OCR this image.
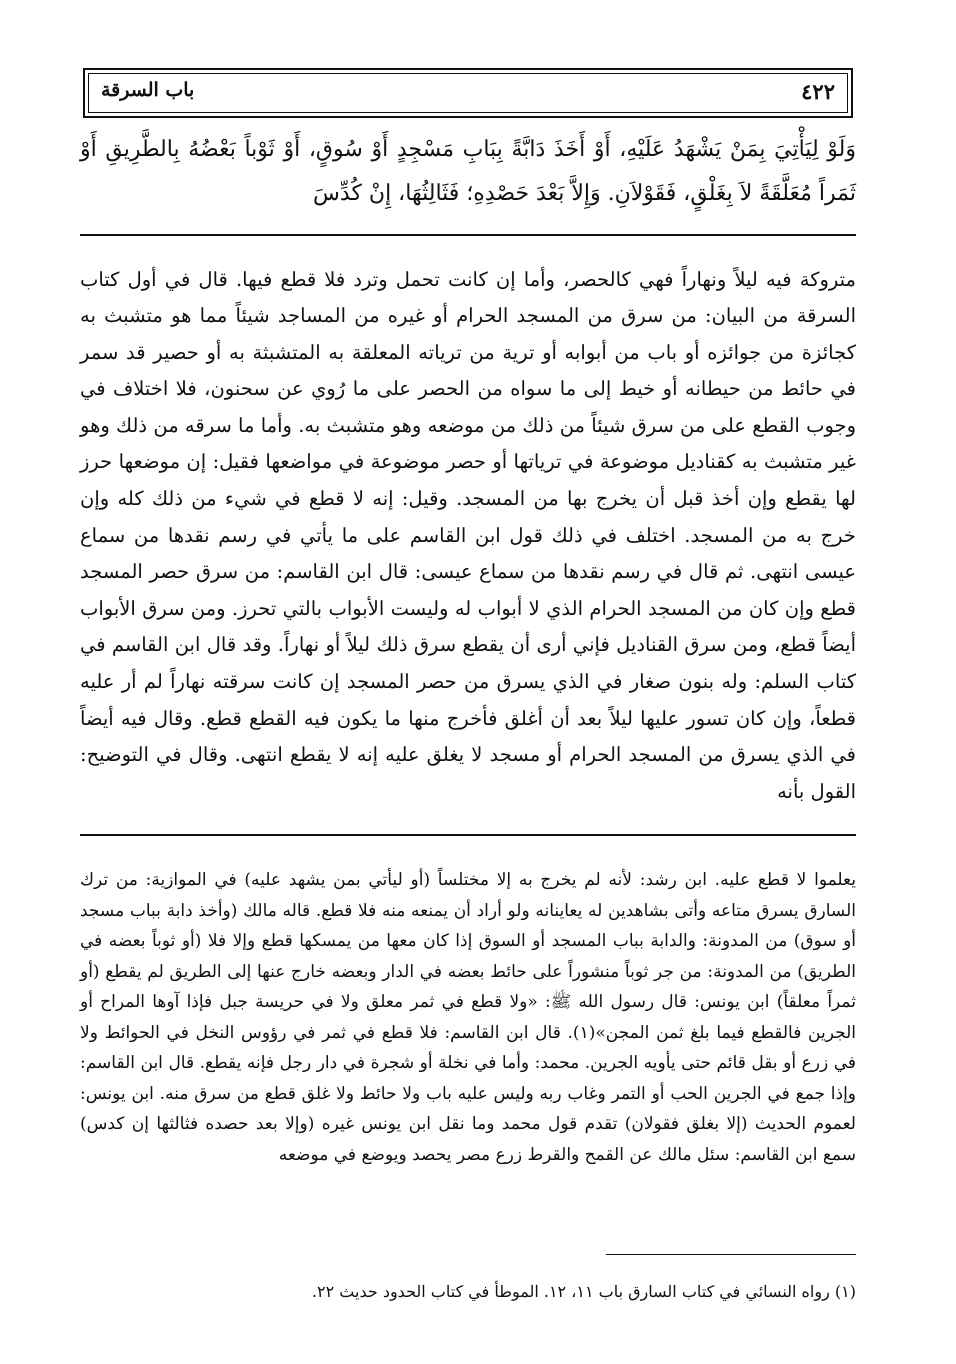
٤٢٢
باب السرقة

وَلَوْ لِيَأْتِيَ بِمَنْ يَشْهَدُ عَلَيْهِ، أَوْ أَخَذَ دَابَّةً بِبَابِ مَسْجِدٍ أَوْ سُوقٍ، أَوْ ثَوْباً بَعْضُهُ بِالطَّرِيقِ أَوْ ثَمَراً مُعَلَّقَةً لاَ بِغَلْقٍ، فَقَوْلاَنِ. وَإِلاَّ بَعْدَ حَصْدِهِ؛ فَثَالِثُهَا، إِنْ كُدِّسَ

متروكة فيه ليلاً ونهاراً فهي كالحصر، وأما إن كانت تحمل وترد فلا قطع فيها. قال في أول كتاب السرقة من البيان: من سرق من المسجد الحرام أو غيره من المساجد شيئاً مما هو متشبث به كجائزة من جوائزه أو باب من أبوابه أو ترية من ترياته المعلقة به المتشبثة به أو حصير قد سمر في حائط من حيطانه أو خيط إلى ما سواه من الحصر على ما رُوي عن سحنون، فلا اختلاف في وجوب القطع على من سرق شيئاً من ذلك من موضعه وهو متشبث به. وأما ما سرقه من ذلك وهو غير متشبث به كقناديل موضوعة في ترياتها أو حصر موضوعة في مواضعها فقيل: إن موضعها حرز لها يقطع وإن أخذ قبل أن يخرج بها من المسجد. وقيل: إنه لا قطع في شيء من ذلك كله وإن خرج به من المسجد. اختلف في ذلك قول ابن القاسم على ما يأتي في رسم نقدها من سماع عيسى انتهى. ثم قال في رسم نقدها من سماع عيسى: قال ابن القاسم: من سرق حصر المسجد قطع وإن كان من المسجد الحرام الذي لا أبواب له وليست الأبواب بالتي تحرز. ومن سرق الأبواب أيضاً قطع، ومن سرق القناديل فإني أرى أن يقطع سرق ذلك ليلاً أو نهاراً. وقد قال ابن القاسم في كتاب السلم: وله بنون صغار في الذي يسرق من حصر المسجد إن كانت سرقته نهاراً لم أر عليه قطعاً، وإن كان تسور عليها ليلاً بعد أن أغلق فأخرج منها ما يكون فيه القطع قطع. وقال فيه أيضاً في الذي يسرق من المسجد الحرام أو مسجد لا يغلق عليه إنه لا يقطع انتهى. وقال في التوضيح: القول بأنه

يعلموا لا قطع عليه. ابن رشد: لأنه لم يخرج به إلا مختلساً (أو ليأتي بمن يشهد عليه) في الموازية: من ترك السارق يسرق متاعه وأتى بشاهدين له يعاينانه ولو أراد أن يمنعه منه فلا قطع. قاله مالك (وأخذ دابة بباب مسجد أو سوق) من المدونة: والدابة بباب المسجد أو السوق إذا كان معها من يمسكها قطع وإلا فلا (أو ثوباً بعضه في الطريق) من المدونة: من جر ثوباً منشوراً على حائط بعضه في الدار وبعضه خارج عنها إلى الطريق لم يقطع (أو ثمراً معلقاً) ابن يونس: قال رسول الله ﷺ: «ولا قطع في ثمر معلق ولا في حريسة جبل فإذا آوها المراح أو الجرين فالقطع فيما بلغ ثمن المجن»(١). قال ابن القاسم: فلا قطع في ثمر في رؤوس النخل في الحوائط ولا في زرع أو بقل قائم حتى يأويه الجرين. محمد: وأما في نخلة أو شجرة في دار رجل فإنه يقطع. قال ابن القاسم: وإذا جمع في الجرين الحب أو التمر وغاب ربه وليس عليه باب ولا حائط ولا غلق قطع من سرق منه. ابن يونس: لعموم الحديث (إلا بغلق فقولان) تقدم قول محمد وما نقل ابن يونس غيره (وإلا بعد حصده فثالثها إن كدس) سمع ابن القاسم: سئل مالك عن القمح والقرط زرع مصر يحصد ويوضع في موضعه

(١) رواه النسائي في كتاب السارق باب ١١، ١٢. الموطأ في كتاب الحدود حديث ٢٢.
